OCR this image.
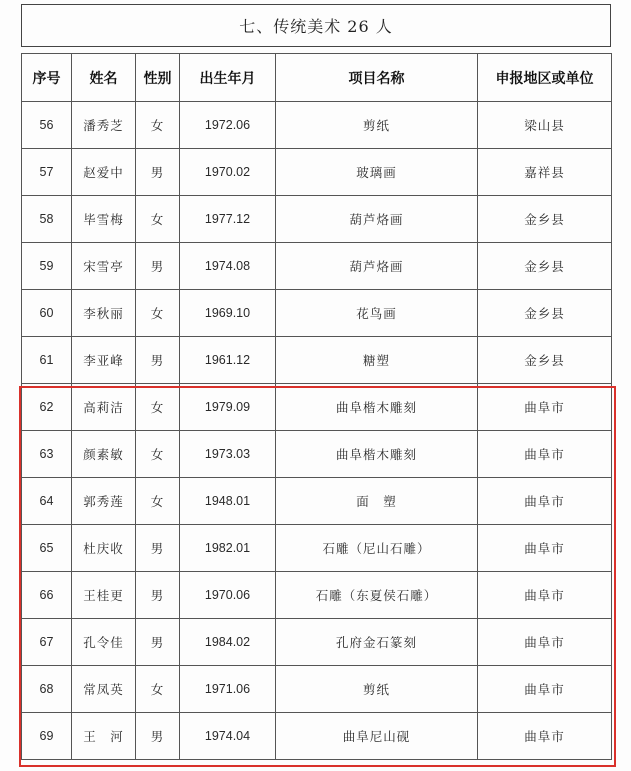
七、传统美术 26 人
序号	姓名	性别	出生年月	项目名称	申报地区或单位
56	潘秀芝	女	1972.06	剪纸	梁山县
57	赵爱中	男	1970.02	玻璃画	嘉祥县
58	毕雪梅	女	1977.12	葫芦烙画	金乡县
59	宋雪亭	男	1974.08	葫芦烙画	金乡县
60	李秋丽	女	1969.10	花鸟画	金乡县
61	李亚峰	男	1961.12	糖塑	金乡县
62	高莉洁	女	1979.09	曲阜楷木雕刻	曲阜市
63	颜素敏	女	1973.03	曲阜楷木雕刻	曲阜市
64	郭秀莲	女	1948.01	面　塑	曲阜市
65	杜庆收	男	1982.01	石雕（尼山石雕）	曲阜市
66	王桂更	男	1970.06	石雕（东夏侯石雕）	曲阜市
67	孔令佳	男	1984.02	孔府金石篆刻	曲阜市
68	常凤英	女	1971.06	剪纸	曲阜市
69	王　河	男	1974.04	曲阜尼山砚	曲阜市
